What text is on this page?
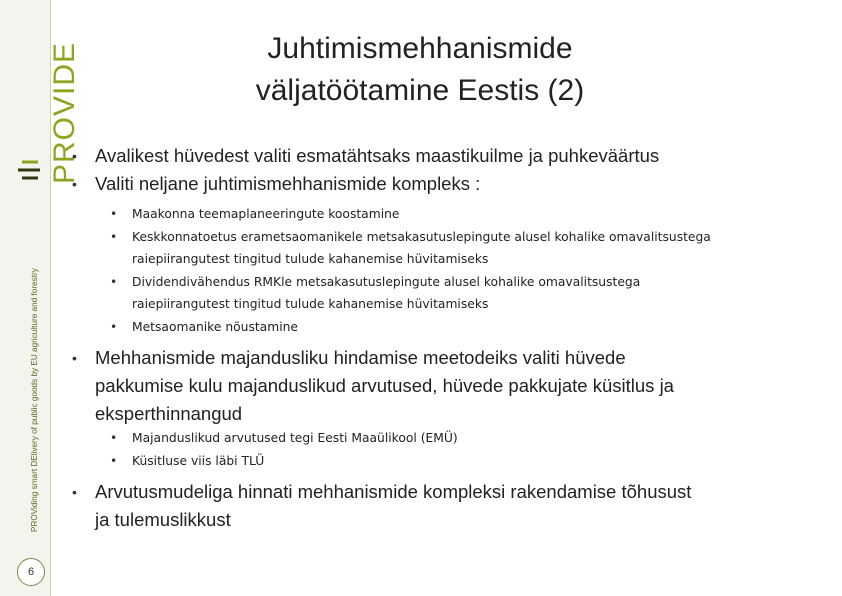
PROVIDE
PROViding smart DElivery of public goods by EU agriculture and forestry
6
Juhtimismehhanismide
väljatöötamine Eestis (2)
• Avalikest hüvedest valiti esmatähtsaks maastikuilme ja puhkeväärtus
• Valiti neljane juhtimismehhanismide kompleks :
• Maakonna teemaplaneeringute koostamine
• Keskkonnatoetus erametsaomanikele metsakasutuslepingute alusel kohalike omavalitsustega
raiepiirangutest tingitud tulude kahanemise hüvitamiseks
• Dividendivähendus RMKle metsakasutuslepingute alusel kohalike omavalitsustega
raiepiirangutest tingitud tulude kahanemise hüvitamiseks
• Metsaomanike nõustamine
• Mehhanismide majandusliku hindamise meetodeiks valiti hüvede
pakkumise kulu majanduslikud arvutused, hüvede pakkujate küsitlus ja
eksperthinnangud
• Majanduslikud arvutused tegi Eesti Maaülikool (EMÜ)
• Küsitluse viis läbi TLÜ
• Arvutusmudeliga hinnati mehhanismide kompleksi rakendamise tõhusust
ja tulemuslikkust
